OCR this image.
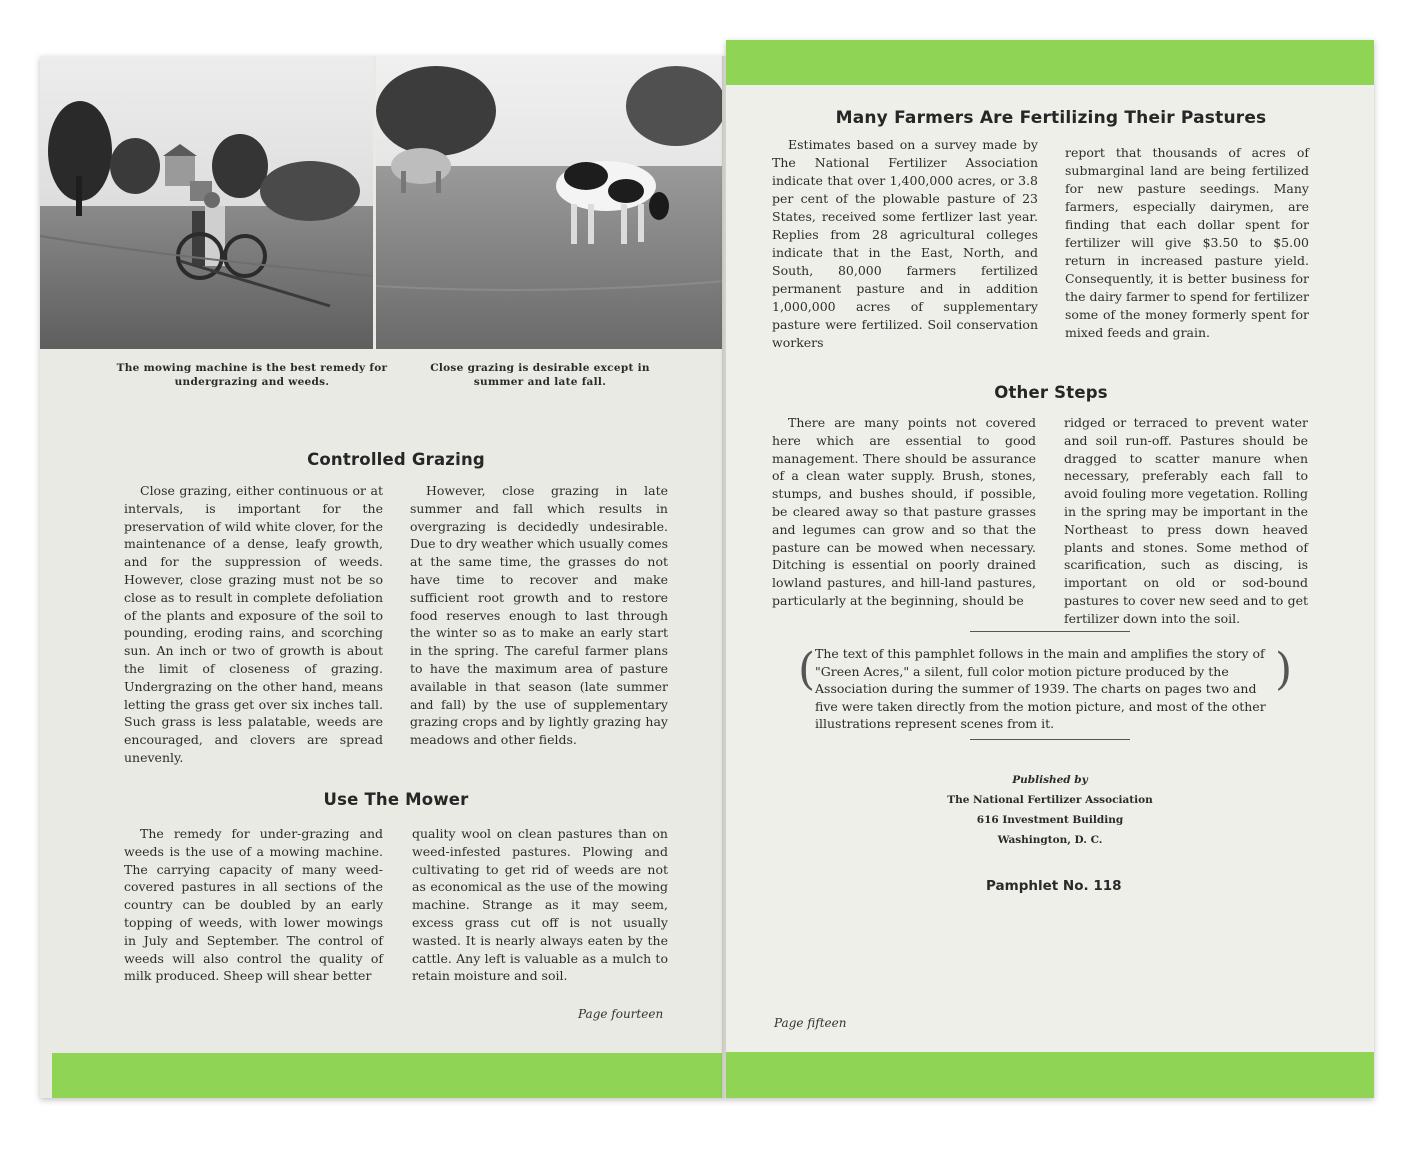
The mowing machine is the best remedy for undergrazing and weeds.
Close grazing is desirable except in summer and late fall.
Controlled Grazing

Close grazing, either continuous or at intervals, is important for the preservation of wild white clover, for the maintenance of a dense, leafy growth, and for the suppression of weeds. However, close grazing must not be so close as to result in complete defoliation of the plants and exposure of the soil to pounding, eroding rains, and scorching sun. An inch or two of growth is about the limit of closeness of grazing. Undergrazing on the other hand, means letting the grass get over six inches tall. Such grass is less palatable, weeds are encouraged, and clovers are spread unevenly.

However, close grazing in late summer and fall which results in overgrazing is decidedly undesirable. Due to dry weather which usually comes at the same time, the grasses do not have time to recover and make sufficient root growth and to restore food reserves enough to last through the winter so as to make an early start in the spring. The careful farmer plans to have the maximum area of pasture available in that season (late summer and fall) by the use of supplementary grazing crops and by lightly grazing hay meadows and other fields.

Use The Mower

The remedy for under-grazing and weeds is the use of a mowing machine. The carrying capacity of many weed-covered pastures in all sections of the country can be doubled by an early topping of weeds, with lower mowings in July and September. The control of weeds will also control the quality of milk produced. Sheep will shear better

quality wool on clean pastures than on weed-infested pastures. Plowing and cultivating to get rid of weeds are not as economical as the use of the mowing machine. Strange as it may seem, excess grass cut off is not usually wasted. It is nearly always eaten by the cattle. Any left is valuable as a mulch to retain moisture and soil.

Page fourteen
Many Farmers Are Fertilizing Their Pastures

Estimates based on a survey made by The National Fertilizer Association indicate that over 1,400,000 acres, or 3.8 per cent of the plowable pasture of 23 States, received some fertlizer last year. Replies from 28 agricultural colleges indicate that in the East, North, and South, 80,000 farmers fertilized permanent pasture and in addition 1,000,000 acres of supplementary pasture were fertilized. Soil conservation workers

report that thousands of acres of submarginal land are being fertilized for new pasture seedings. Many farmers, especially dairymen, are finding that each dollar spent for fertilizer will give $3.50 to $5.00 return in increased pasture yield. Consequently, it is better business for the dairy farmer to spend for fertilizer some of the money formerly spent for mixed feeds and grain.

Other Steps

There are many points not covered here which are essential to good management. There should be assurance of a clean water supply. Brush, stones, stumps, and bushes should, if possible, be cleared away so that pasture grasses and legumes can grow and so that the pasture can be mowed when necessary. Ditching is essential on poorly drained lowland pastures, and hill-land pastures, particularly at the beginning, should be

ridged or terraced to prevent water and soil run-off. Pastures should be dragged to scatter manure when necessary, preferably each fall to avoid fouling more vegetation. Rolling in the spring may be important in the Northeast to press down heaved plants and stones. Some method of scarification, such as discing, is important on old or sod-bound pastures to cover new seed and to get fertilizer down into the soil.

( The text of this pamphlet follows in the main and amplifies the story of "Green Acres," a silent, full color motion picture produced by the Association during the summer of 1939. The charts on pages two and five were taken directly from the motion picture, and most of the other illustrations represent scenes from it.
)
Published by
The National Fertilizer Association
616 Investment Building
Washington, D. C.
Pamphlet No. 118
Page fifteen
